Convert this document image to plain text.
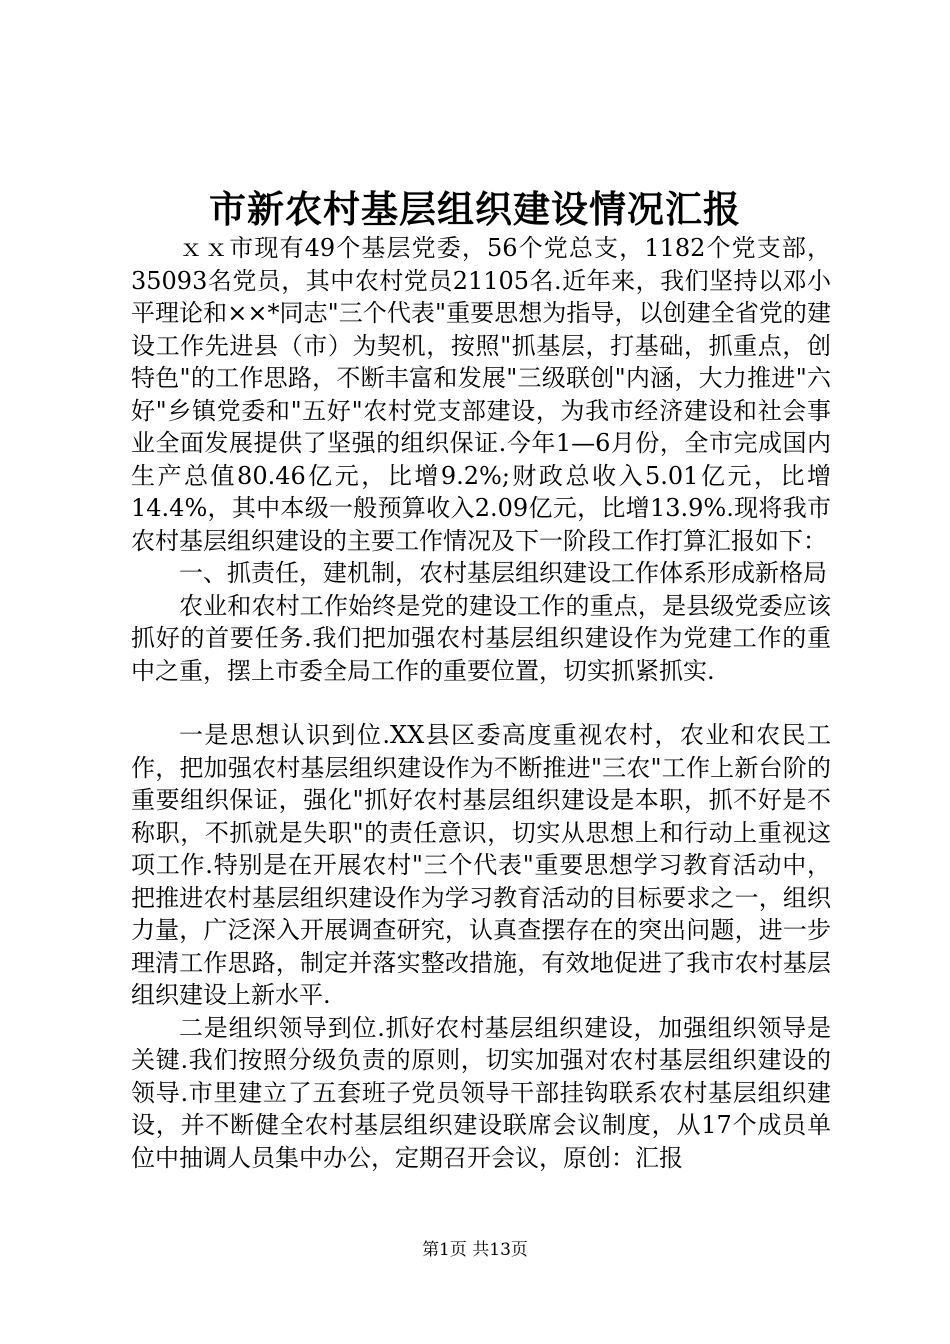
市新农村基层组织建设情况汇报

ｘｘ市现有49个基层党委，56个党总支，1182个党支部，35093名党员，其中农村党员21105名.近年来，我们坚持以邓小平理论和××*同志"三个代表"重要思想为指导，以创建全省党的建设工作先进县（市）为契机，按照"抓基层，打基础，抓重点，创特色"的工作思路，不断丰富和发展"三级联创"内涵，大力推进"六好"乡镇党委和"五好"农村党支部建设，为我市经济建设和社会事业全面发展提供了坚强的组织保证.今年1—6月份，全市完成国内生产总值80.46亿元，比增9.2%;财政总收入5.01亿元，比增14.4%，其中本级一般预算收入2.09亿元，比增13.9%.现将我市农村基层组织建设的主要工作情况及下一阶段工作打算汇报如下：

一、抓责任，建机制，农村基层组织建设工作体系形成新格局

农业和农村工作始终是党的建设工作的重点，是县级党委应该抓好的首要任务.我们把加强农村基层组织建设作为党建工作的重中之重，摆上市委全局工作的重要位置，切实抓紧抓实.

一是思想认识到位.XX县区委高度重视农村，农业和农民工作，把加强农村基层组织建设作为不断推进"三农"工作上新台阶的重要组织保证，强化"抓好农村基层组织建设是本职，抓不好是不称职，不抓就是失职"的责任意识，切实从思想上和行动上重视这项工作.特别是在开展农村"三个代表"重要思想学习教育活动中，把推进农村基层组织建设作为学习教育活动的目标要求之一，组织力量，广泛深入开展调查研究，认真查摆存在的突出问题，进一步理清工作思路，制定并落实整改措施，有效地促进了我市农村基层组织建设上新水平.

二是组织领导到位.抓好农村基层组织建设，加强组织领导是关键.我们按照分级负责的原则，切实加强对农村基层组织建设的领导.市里建立了五套班子党员领导干部挂钩联系农村基层组织建设，并不断健全农村基层组织建设联席会议制度，从17个成员单位中抽调人员集中办公，定期召开会议，原创：汇报

第1页 共13页
